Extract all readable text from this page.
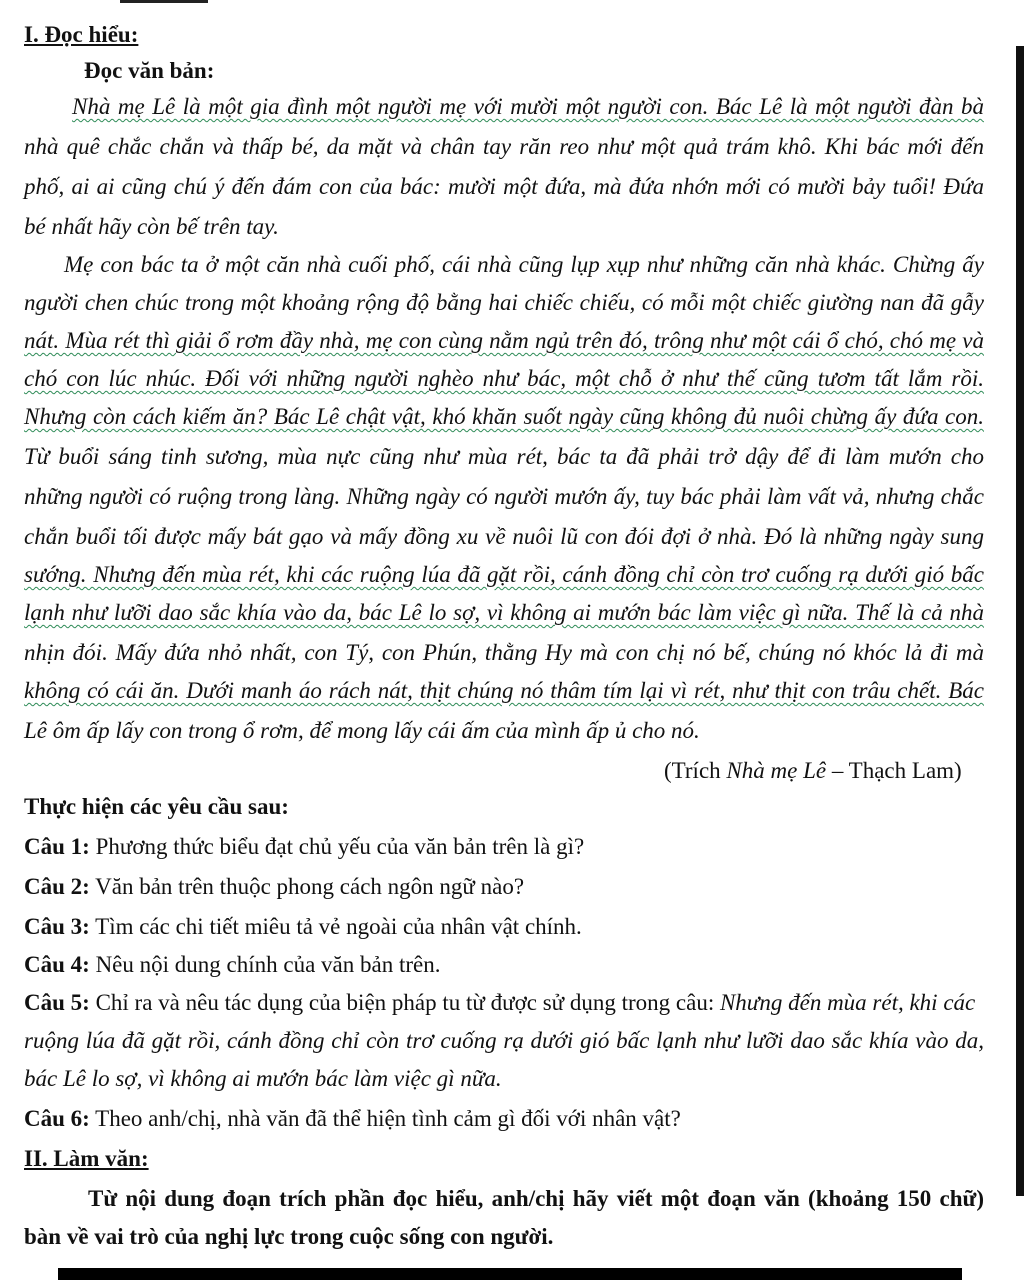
I. Đọc hiểu:
Đọc văn bản:
Nhà mẹ Lê là một gia đình một người mẹ với mười một người con. Bác Lê là một người đàn bà
nhà quê chắc chắn và thấp bé, da mặt và chân tay răn reo như một quả trám khô. Khi bác mới đến
phố, ai ai cũng chú ý đến đám con của bác: mười một đứa, mà đứa nhớn mới có mười bảy tuổi! Đứa
bé nhất hãy còn bế trên tay.
Mẹ con bác ta ở một căn nhà cuối phố, cái nhà cũng lụp xụp như những căn nhà khác. Chừng ấy
người chen chúc trong một khoảng rộng độ bằng hai chiếc chiếu, có mỗi một chiếc giường nan đã gẫy
nát. Mùa rét thì giải ổ rơm đầy nhà, mẹ con cùng nằm ngủ trên đó, trông như một cái ổ chó, chó mẹ và
chó con lúc nhúc. Đối với những người nghèo như bác, một chỗ ở như thế cũng tươm tất lắm rồi.
Nhưng còn cách kiếm ăn? Bác Lê chật vật, khó khăn suốt ngày cũng không đủ nuôi chừng ấy đứa con.
Từ buổi sáng tinh sương, mùa nực cũng như mùa rét, bác ta đã phải trở dậy để đi làm mướn cho
những người có ruộng trong làng. Những ngày có người mướn ấy, tuy bác phải làm vất vả, nhưng chắc
chắn buổi tối được mấy bát gạo và mấy đồng xu về nuôi lũ con đói đợi ở nhà. Đó là những ngày sung
sướng. Nhưng đến mùa rét, khi các ruộng lúa đã gặt rồi, cánh đồng chỉ còn trơ cuống rạ dưới gió bấc
lạnh như lưỡi dao sắc khía vào da, bác Lê lo sợ, vì không ai mướn bác làm việc gì nữa. Thế là cả nhà
nhịn đói. Mấy đứa nhỏ nhất, con Tý, con Phún, thằng Hy mà con chị nó bế, chúng nó khóc lả đi mà
không có cái ăn. Dưới manh áo rách nát, thịt chúng nó thâm tím lại vì rét, như thịt con trâu chết. Bác
Lê ôm ấp lấy con trong ổ rơm, để mong lấy cái ấm của mình ấp ủ cho nó.
(Trích Nhà mẹ Lê – Thạch Lam)
Thực hiện các yêu cầu sau:
Câu 1: Phương thức biểu đạt chủ yếu của văn bản trên là gì?
Câu 2: Văn bản trên thuộc phong cách ngôn ngữ nào?
Câu 3: Tìm các chi tiết miêu tả vẻ ngoài của nhân vật chính.
Câu 4: Nêu nội dung chính của văn bản trên.
Câu 5: Chỉ ra và nêu tác dụng của biện pháp tu từ được sử dụng trong câu: Nhưng đến mùa rét, khi các
ruộng lúa đã gặt rồi, cánh đồng chỉ còn trơ cuống rạ dưới gió bấc lạnh như lưỡi dao sắc khía vào da,
bác Lê lo sợ, vì không ai mướn bác làm việc gì nữa.
Câu 6: Theo anh/chị, nhà văn đã thể hiện tình cảm gì đối với nhân vật?
II. Làm văn:
Từ nội dung đoạn trích phần đọc hiểu, anh/chị hãy viết một đoạn văn (khoảng 150 chữ)
bàn về vai trò của nghị lực trong cuộc sống con người.
